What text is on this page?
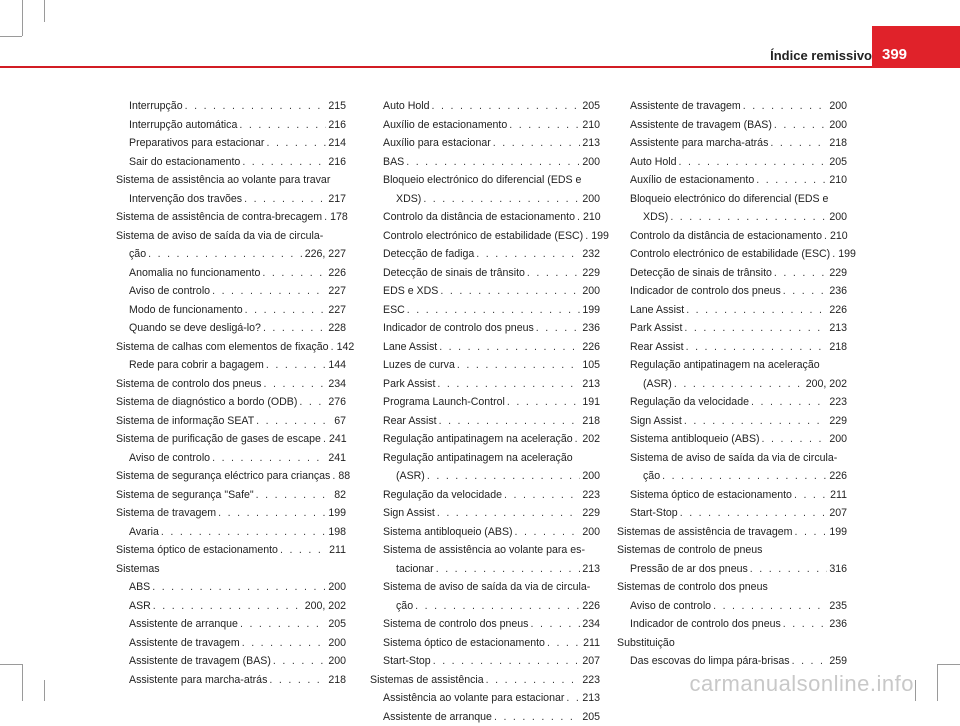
Índice remissivo 399
Interrupção . . .	215
Interrupção automática . . .	216
Preparativos para estacionar . . .	214
Sair do estacionamento . . .	216
Sistema de assistência ao volante para travar
Intervenção dos travões . . .	217
Sistema de assistência de contra-brecagem . . . 178
Sistema de aviso de saída da via de circula-
ção . . .	226, 227
Anomalia no funcionamento . . .	226
Aviso de controlo . . .	227
Modo de funcionamento . . .	227
Quando se deve desligá-lo? . . .	228
Sistema de calhas com elementos de fixação . . . 142
Rede para cobrir a bagagem . . .	144
Sistema de controlo dos pneus . . .	234
Sistema de diagnóstico a bordo (ODB) . . .	276
Sistema de informação SEAT . . .	67
Sistema de purificação de gases de escape . . . 241
Aviso de controlo . . .	241
Sistema de segurança eléctrico para crianças . . . 88
Sistema de segurança "Safe" . . .	82
Sistema de travagem . . .	199
Avaria . . .	198
Sistema óptico de estacionamento . . .	211
Sistemas
ABS . . .	200
ASR . . .	200, 202
Assistente de arranque . . .	205
Assistente de travagem . . .	200
Assistente de travagem (BAS) . . .	200
Assistente para marcha-atrás . . .	218
Auto Hold . . .	205
Auxílio de estacionamento . . .	210
Auxílio para estacionar . . .	213
BAS . . .	200
Bloqueio electrónico do diferencial (EDS e
XDS) . . .	200
Controlo da distância de estacionamento . . . 210
Controlo electrónico de estabilidade (ESC) . . . 199
Detecção de fadiga . . .	232
Detecção de sinais de trânsito . . .	229
EDS e XDS . . .	200
ESC . . .	199
Indicador de controlo dos pneus . . .	236
Lane Assist . . .	226
Luzes de curva . . .	105
Park Assist . . .	213
Programa Launch-Control . . .	191
Rear Assist . . .	218
Regulação antipatinagem na aceleração . . . 202
Regulação antipatinagem na aceleração
(ASR) . . .	200
Regulação da velocidade . . .	223
Sign Assist . . .	229
Sistema antibloqueio (ABS) . . .	200
Sistema de assistência ao volante para es-
tacionar . . .	213
Sistema de aviso de saída da via de circula-
ção . . .	226
Sistema de controlo dos pneus . . .	234
Sistema óptico de estacionamento . . .	211
Start-Stop . . .	207
Sistemas de assistência . . .	223
Assistência ao volante para estacionar . . . 213
Assistente de arranque . . .	205
Assistente de travagem . . .	200
Assistente de travagem (BAS) . . .	200
Assistente para marcha-atrás . . .	218
Auto Hold . . .	205
Auxílio de estacionamento . . .	210
Bloqueio electrónico do diferencial (EDS e
XDS) . . .	200
Controlo da distância de estacionamento . . . 210
Controlo electrónico de estabilidade (ESC) . . . 199
Detecção de sinais de trânsito . . .	229
Indicador de controlo dos pneus . . .	236
Lane Assist . . .	226
Park Assist . . .	213
Rear Assist . . .	218
Regulação antipatinagem na aceleração
(ASR) . . .	200, 202
Regulação da velocidade . . .	223
Sign Assist . . .	229
Sistema antibloqueio (ABS) . . .	200
Sistema de aviso de saída da via de circula-
ção . . .	226
Sistema óptico de estacionamento . . .	211
Start-Stop . . .	207
Sistemas de assistência de travagem . . .	199
Sistemas de controlo de pneus
Pressão de ar dos pneus . . .	316
Sistemas de controlo dos pneus
Aviso de controlo . . .	235
Indicador de controlo dos pneus . . .	236
Substituição
Das escovas do limpa pára-brisas . . .	259
carmanualsonline.info
